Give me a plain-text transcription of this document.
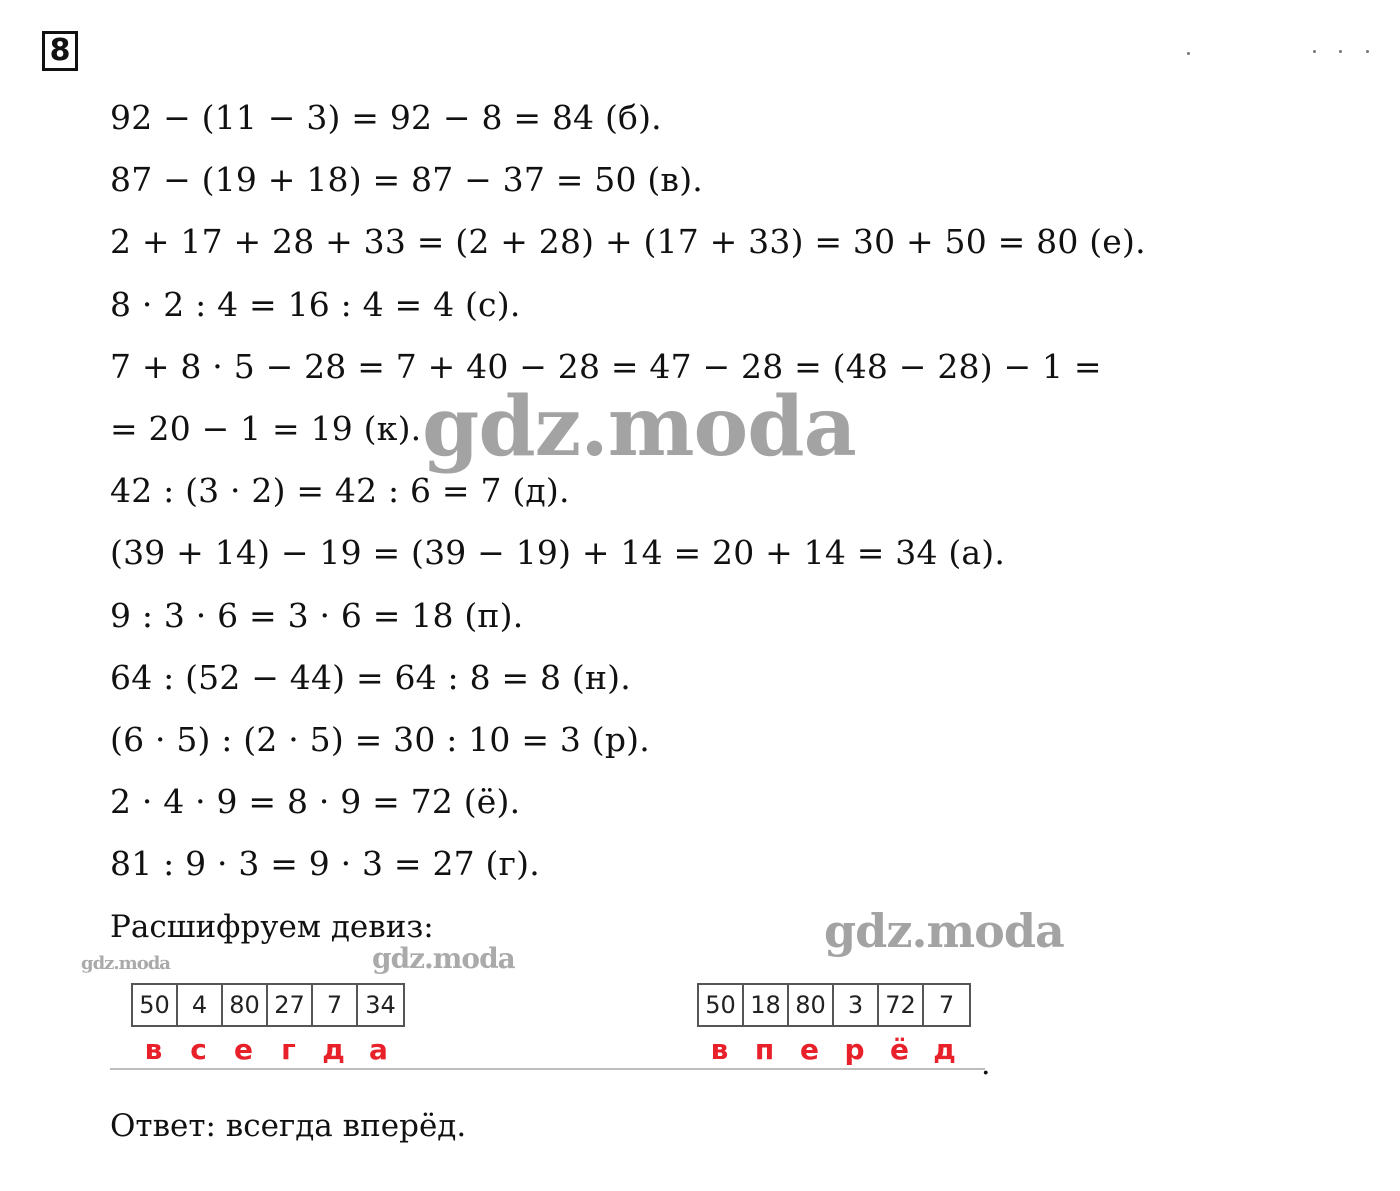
8
92 − (11 − 3) = 92 − 8 = 84 (б).
87 − (19 + 18) = 87 − 37 = 50 (в).
2 + 17 + 28 + 33 = (2 + 28) + (17 + 33) = 30 + 50 = 80 (е).
8 · 2 : 4 = 16 : 4 = 4 (с).
7 + 8 · 5 − 28 = 7 + 40 − 28 = 47 − 28 = (48 − 28) − 1 =
= 20 − 1 = 19 (к).
42 : (3 · 2) = 42 : 6 = 7 (д).
(39 + 14) − 19 = (39 − 19) + 14 = 20 + 14 = 34 (а).
9 : 3 · 6 = 3 · 6 = 18 (п).
64 : (52 − 44) = 64 : 8 = 8 (н).
(6 · 5) : (2 · 5) = 30 : 10 = 3 (р).
2 · 4 · 9 = 8 · 9 = 72 (ё).
81 : 9 · 3 = 9 · 3 = 27 (г).
Расшифруем девиз:
50 4 80 27 7 34
в с е	г д а
50 18 80 3 72 7
в п е р ё д .
Ответ: всегда вперёд.
gdz.moda
gdz.moda
gdz.moda	gdz.moda
